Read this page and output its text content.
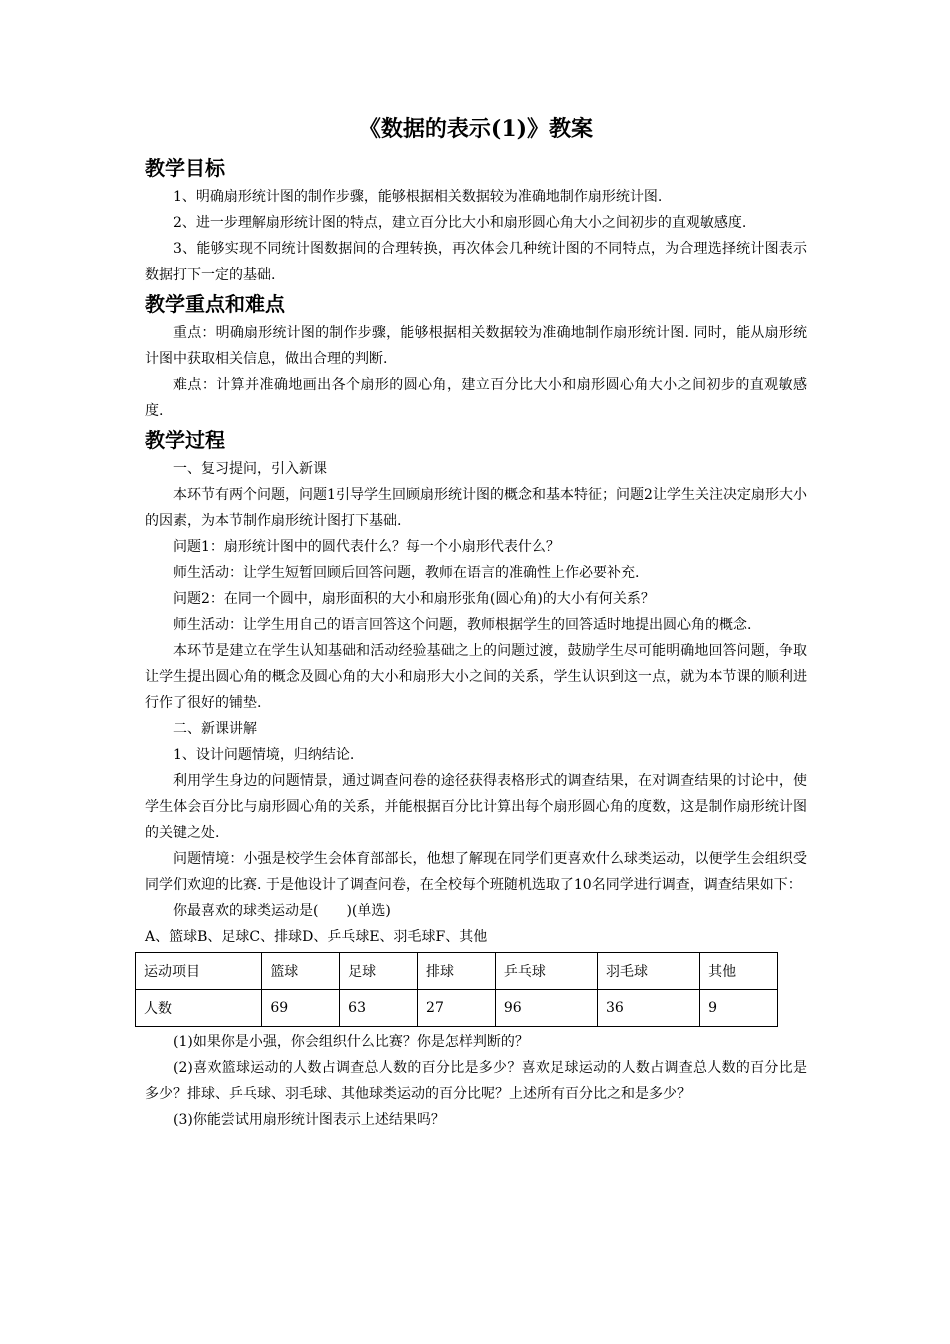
《数据的表示(1)》教案
教学目标

1、明确扇形统计图的制作步骤，能够根据相关数据较为准确地制作扇形统计图.

2、进一步理解扇形统计图的特点，建立百分比大小和扇形圆心角大小之间初步的直观敏感度.

3、能够实现不同统计图数据间的合理转换，再次体会几种统计图的不同特点，为合理选择统计图表示数据打下一定的基础.

教学重点和难点

重点：明确扇形统计图的制作步骤，能够根据相关数据较为准确地制作扇形统计图. 同时，能从扇形统计图中获取相关信息，做出合理的判断.

难点：计算并准确地画出各个扇形的圆心角，建立百分比大小和扇形圆心角大小之间初步的直观敏感度.

教学过程

一、复习提问，引入新课

本环节有两个问题，问题1引导学生回顾扇形统计图的概念和基本特征；问题2让学生关注决定扇形大小的因素，为本节制作扇形统计图打下基础.

问题1：扇形统计图中的圆代表什么？每一个小扇形代表什么？

师生活动：让学生短暂回顾后回答问题，教师在语言的准确性上作必要补充.

问题2：在同一个圆中，扇形面积的大小和扇形张角(圆心角)的大小有何关系？

师生活动：让学生用自己的语言回答这个问题，教师根据学生的回答适时地提出圆心角的概念.

本环节是建立在学生认知基础和活动经验基础之上的问题过渡，鼓励学生尽可能明确地回答问题，争取让学生提出圆心角的概念及圆心角的大小和扇形大小之间的关系，学生认识到这一点，就为本节课的顺利进行作了很好的铺垫.

二、新课讲解

1、设计问题情境，归纳结论.

利用学生身边的问题情景，通过调查问卷的途径获得表格形式的调查结果，在对调查结果的讨论中，使学生体会百分比与扇形圆心角的关系，并能根据百分比计算出每个扇形圆心角的度数，这是制作扇形统计图的关键之处.

问题情境：小强是校学生会体育部部长，他想了解现在同学们更喜欢什么球类运动，以便学生会组织受同学们欢迎的比赛. 于是他设计了调查问卷，在全校每个班随机选取了10名同学进行调查，调查结果如下：

你最喜欢的球类运动是(　　)(单选)

A、篮球B、足球C、排球D、乒乓球E、羽毛球F、其他

运动项目	篮球	足球	排球	乒乓球	羽毛球	其他
人数	69	63	27	96	36	9

(1)如果你是小强，你会组织什么比赛？你是怎样判断的？

(2)喜欢篮球运动的人数占调查总人数的百分比是多少？喜欢足球运动的人数占调查总人数的百分比是多少？排球、乒乓球、羽毛球、其他球类运动的百分比呢？上述所有百分比之和是多少？

(3)你能尝试用扇形统计图表示上述结果吗？
